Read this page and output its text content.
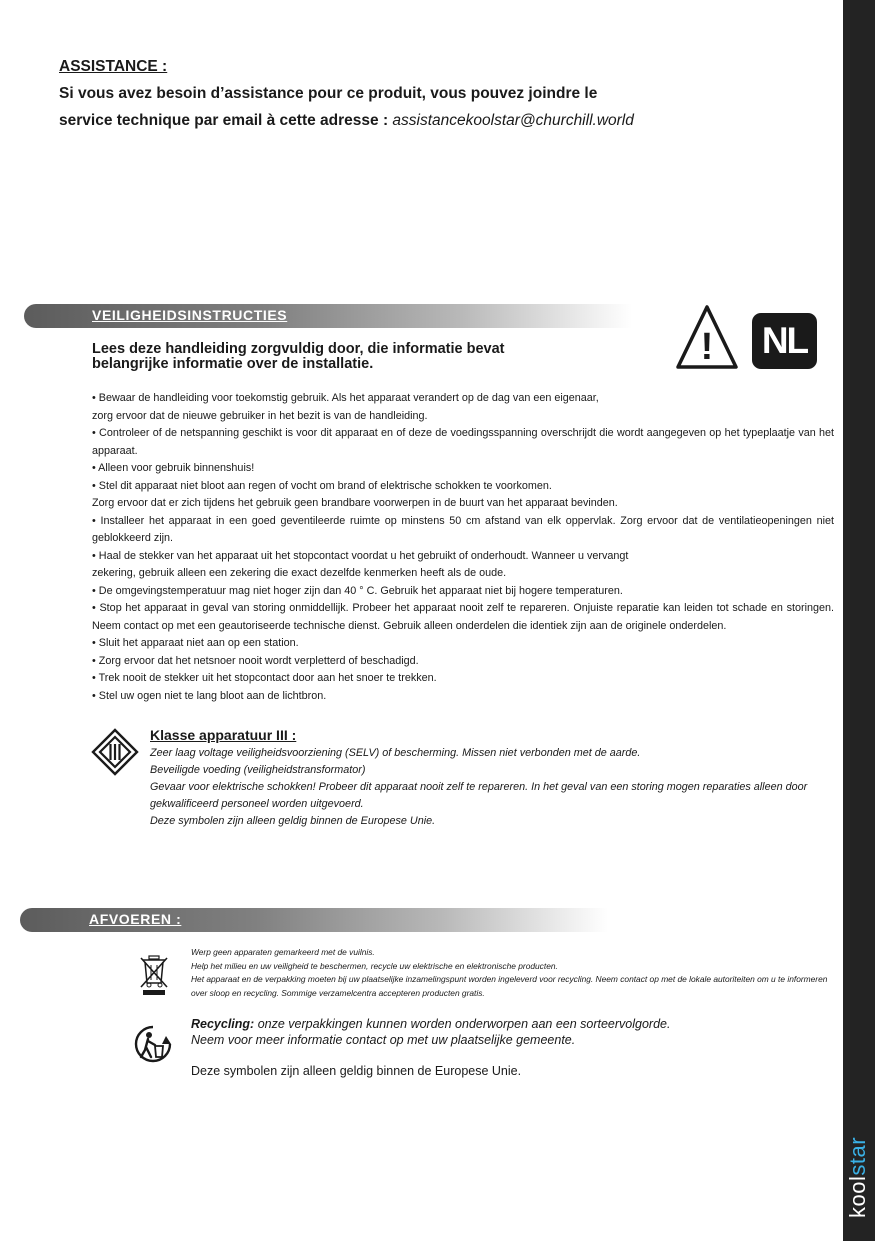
koolstar
ASSISTANCE :
Si vous avez besoin d’assistance pour ce produit, vous pouvez joindre le
service technique par email à cette adresse : assistancekoolstar@churchill.world
VEILIGHEIDSINSTRUCTIES
! NL
Lees deze handleiding zorgvuldig door, die informatie bevat
belangrijke informatie over de installatie.

• Bewaar de handleiding voor toekomstig gebruik. Als het apparaat verandert op de dag van een eigenaar,

zorg ervoor dat de nieuwe gebruiker in het bezit is van de handleiding.

• Controleer of de netspanning geschikt is voor dit apparaat en of deze de voedingsspanning overschrijdt die wordt aangegeven op het typeplaatje van het apparaat.

• Alleen voor gebruik binnenshuis!

• Stel dit apparaat niet bloot aan regen of vocht om brand of elektrische schokken te voorkomen.

Zorg ervoor dat er zich tijdens het gebruik geen brandbare voorwerpen in de buurt van het apparaat bevinden.

• Installeer het apparaat in een goed geventileerde ruimte op minstens 50 cm afstand van elk oppervlak. Zorg ervoor dat de ventilatieopeningen niet geblokkeerd zijn.

• Haal de stekker van het apparaat uit het stopcontact voordat u het gebruikt of onderhoudt. Wanneer u vervangt

zekering, gebruik alleen een zekering die exact dezelfde kenmerken heeft als de oude.

• De omgevingstemperatuur mag niet hoger zijn dan 40 ° C. Gebruik het apparaat niet bij hogere temperaturen.

• Stop het apparaat in geval van storing onmiddellijk. Probeer het apparaat nooit zelf te repareren. Onjuiste reparatie kan leiden tot schade en storingen. Neem contact op met een geautoriseerde technische dienst. Gebruik alleen onderdelen die identiek zijn aan de originele onderdelen.

• Sluit het apparaat niet aan op een station.

• Zorg ervoor dat het netsnoer nooit wordt verpletterd of beschadigd.

• Trek nooit de stekker uit het stopcontact door aan het snoer te trekken.

• Stel uw ogen niet te lang bloot aan de lichtbron.

Klasse apparatuur III :

Zeer laag voltage veiligheidsvoorziening (SELV) of bescherming. Missen niet verbonden met de aarde.

Beveiligde voeding (veiligheidstransformator)

Gevaar voor elektrische schokken! Probeer dit apparaat nooit zelf te repareren. In het geval van een storing mogen reparaties alleen door gekwalificeerd personeel worden uitgevoerd.

Deze symbolen zijn alleen geldig binnen de Europese Unie.

AFVOEREN :

Werp geen apparaten gemarkeerd met de vuilnis.

Help het milieu en uw veiligheid te beschermen, recycle uw elektrische en elektronische producten.

Het apparaat en de verpakking moeten bij uw plaatselijke inzamelingspunt worden ingeleverd voor recycling. Neem contact op met de lokale autoriteiten om u te informeren over sloop en recycling. Sommige verzamelcentra accepteren producten gratis.

Recycling: onze verpakkingen kunnen worden onderworpen aan een sorteervolgorde.

Neem voor meer informatie contact op met uw plaatselijke gemeente.

Deze symbolen zijn alleen geldig binnen de Europese Unie.
